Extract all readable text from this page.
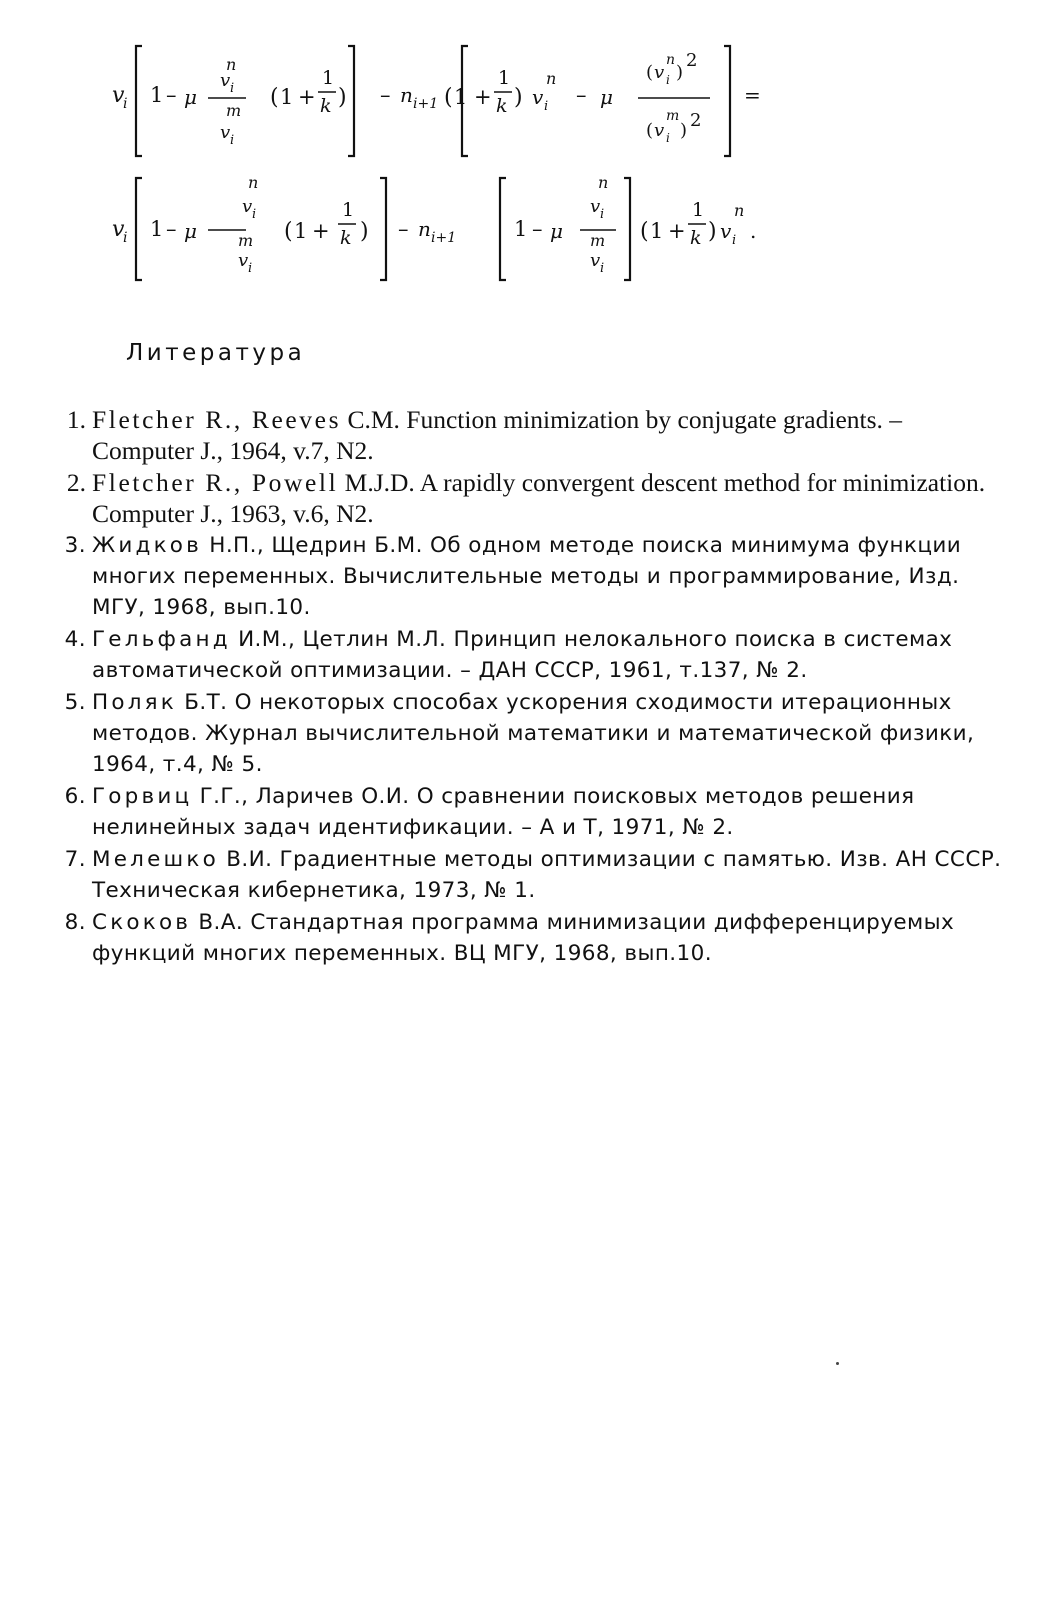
v
i 1 – μ
n
v i
m
v i
( 1 +
1
k ) – n i+1 ( 1 +
1
k ) v
n
i – μ
( v
n
i )
2
( v
m
i ) 2
=
v
i 1 – μ
n
v i
m
v i
( 1 +
1
k ) – n i+1	1 – μ
n
v i
m
v i
( 1 +
1
k ) v
n
i .
Литература
1. Fletcher R., Reeves C.M. Function minimization by conjugate gradients. – Computer J., 1964, v.7, N2.
2. Fletcher R., Powell M.J.D. A rapidly convergent descent method for minimization. Computer J., 1963, v.6, N2.
3. Жидков Н.П., Щедрин Б.М. Об одном методе поиска минимума функции многих переменных. Вычислительные методы и программирование, Изд. МГУ, 1968, вып.10.
4. Гельфанд И.М., Цетлин М.Л. Принцип нелокального поиска в системах автоматической оптимизации. – ДАН СССР, 1961, т.137, № 2.
5. Поляк Б.Т. О некоторых способах ускорения сходимости итерационных методов. Журнал вычислительной математики и математической физики, 1964, т.4, № 5.
6. Горвиц Г.Г., Ларичев О.И. О сравнении поисковых методов решения нелинейных задач идентификации. – А и Т, 1971, № 2.
7. Мелешко В.И. Градиентные методы оптимизации с памятью. Изв. АН СССР. Техническая кибернетика, 1973, № 1.
8. Скоков В.А. Стандартная программа минимизации дифференцируемых функций многих переменных. ВЦ МГУ, 1968, вып.10.
